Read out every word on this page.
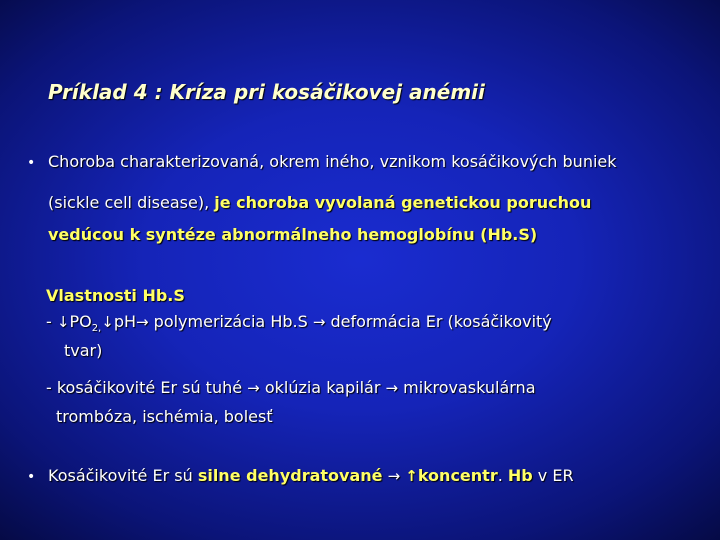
Príklad 4 : Kríza pri kosáčikovej anémii
• Choroba charakterizovaná, okrem iného, vznikom kosáčikových buniek
(sickle cell disease), je choroba vyvolaná genetickou poruchou
vedúcou k syntéze abnormálneho hemoglobínu (Hb.S)
Vlastnosti Hb.S
- $↓PO_{2,}↓pH\to$ polymerizácia Hb.S → deformácia Er (kosáčikovitý
tvar)
- kosáčikovité Er sú tuhé → oklúzia kapilár → mikrovaskulárna
trombóza, ischémia, bolesť
• Kosáčikovité Er sú silne dehydratované → ↑koncentr. Hb v ER
